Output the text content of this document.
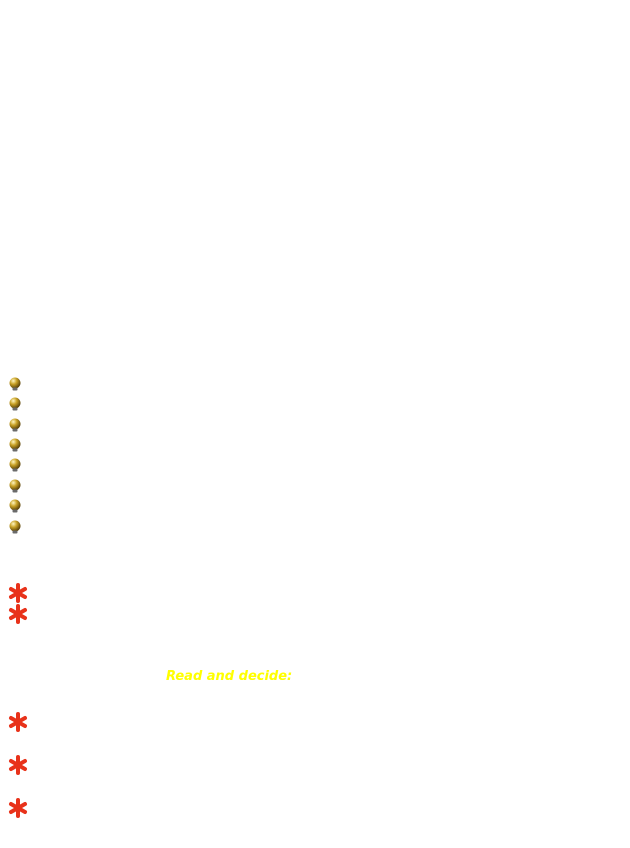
Read and decide:
